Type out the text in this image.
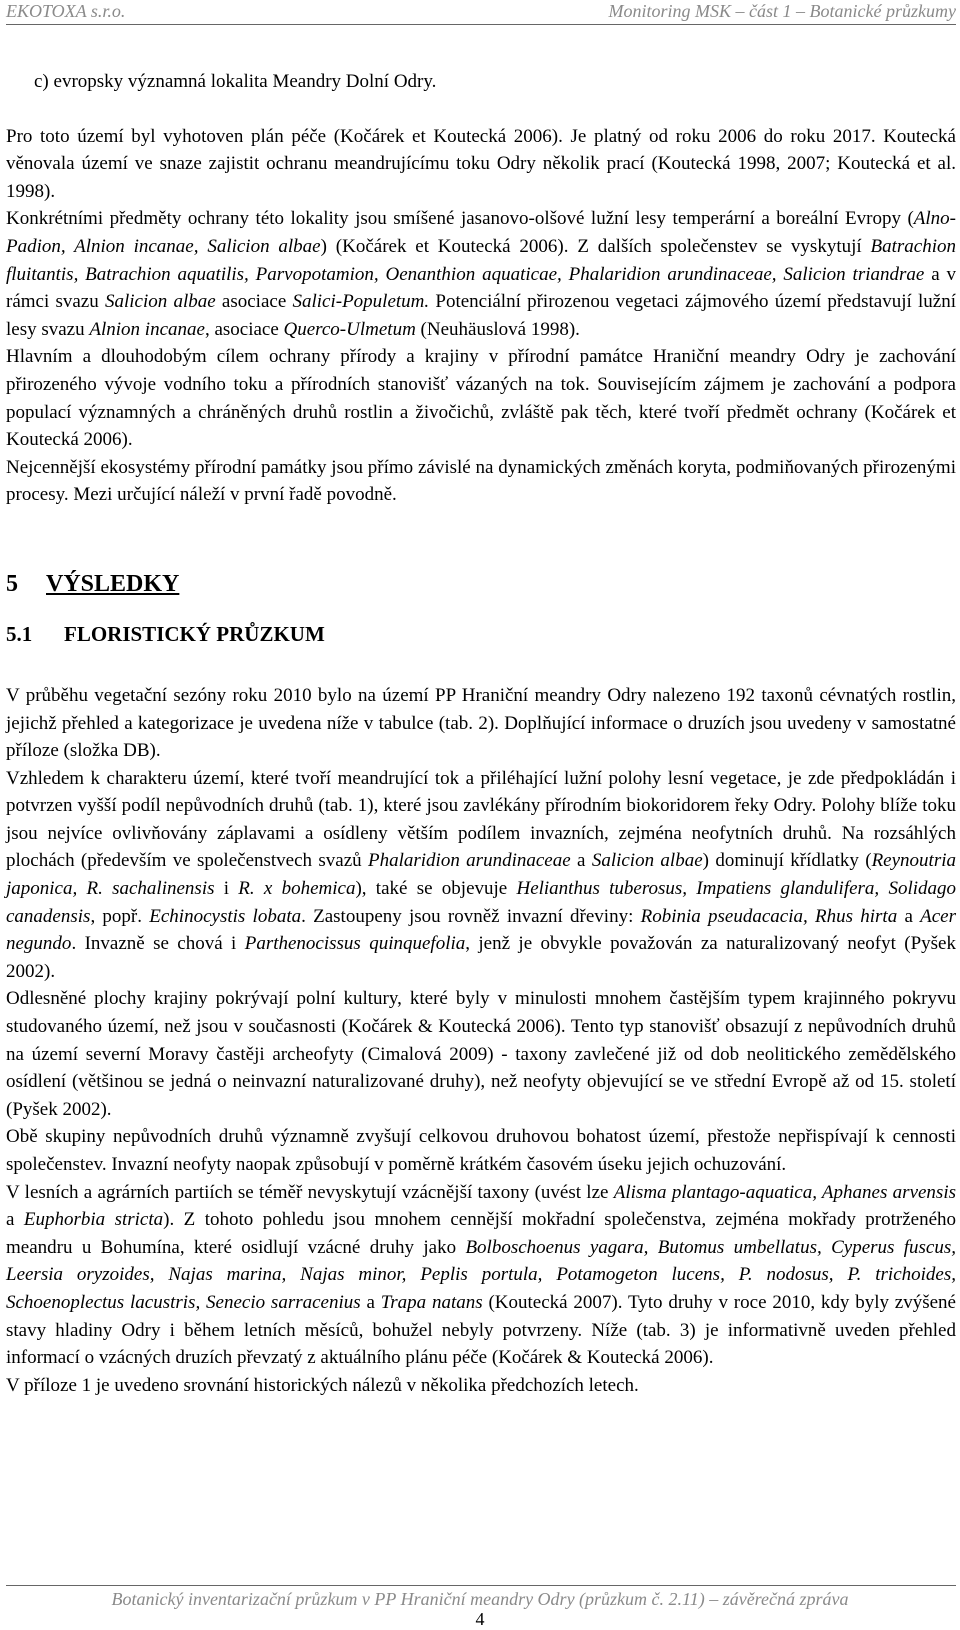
EKOTOXA s.r.o.	Monitoring MSK – část 1 – Botanické průzkumy

c) evropsky významná lokalita Meandry Dolní Odry.

Pro toto území byl vyhotoven plán péče (Kočárek et Koutecká 2006). Je platný od roku 2006 do roku 2017. Koutecká věnovala území ve snaze zajistit ochranu meandrujícímu toku Odry několik prací (Koutecká 1998, 2007; Koutecká et al. 1998).

Konkrétními předměty ochrany této lokality jsou smíšené jasanovo-olšové lužní lesy temperární a boreální Evropy (Alno-Padion, Alnion incanae, Salicion albae) (Kočárek et Koutecká 2006). Z dalších společenstev se vyskytují Batrachion fluitantis, Batrachion aquatilis, Parvopotamion, Oenanthion aquaticae, Phalaridion arundinaceae, Salicion triandrae a v rámci svazu Salicion albae asociace Salici-Populetum. Potenciální přirozenou vegetaci zájmového území představují lužní lesy svazu Alnion incanae, asociace Querco-Ulmetum (Neuhäuslová 1998).

Hlavním a dlouhodobým cílem ochrany přírody a krajiny v přírodní památce Hraniční meandry Odry je zachování přirozeného vývoje vodního toku a přírodních stanovišť vázaných na tok. Souvisejícím zájmem je zachování a podpora populací významných a chráněných druhů rostlin a živočichů, zvláště pak těch, které tvoří předmět ochrany (Kočárek et Koutecká 2006).

Nejcennější ekosystémy přírodní památky jsou přímo závislé na dynamických změnách koryta, podmiňovaných přirozenými procesy. Mezi určující náleží v první řadě povodně.

5 VÝSLEDKY
5.1 FLORISTICKÝ PRŮZKUM

V průběhu vegetační sezóny roku 2010 bylo na území PP Hraniční meandry Odry nalezeno 192 taxonů cévnatých rostlin, jejichž přehled a kategorizace je uvedena níže v tabulce (tab. 2). Doplňující informace o druzích jsou uvedeny v samostatné příloze (složka DB).

Vzhledem k charakteru území, které tvoří meandrující tok a přiléhající lužní polohy lesní vegetace, je zde předpokládán i potvrzen vyšší podíl nepůvodních druhů (tab. 1), které jsou zavlékány přírodním biokoridorem řeky Odry. Polohy blíže toku jsou nejvíce ovlivňovány záplavami a osídleny větším podílem invazních, zejména neofytních druhů. Na rozsáhlých plochách (především ve společenstvech svazů Phalaridion arundinaceae a Salicion albae) dominují křídlatky (Reynoutria japonica, R. sachalinensis i R. x bohemica), také se objevuje Helianthus tuberosus, Impatiens glandulifera, Solidago canadensis, popř. Echinocystis lobata. Zastoupeny jsou rovněž invazní dřeviny: Robinia pseudacacia, Rhus hirta a Acer negundo. Invazně se chová i Parthenocissus quinquefolia, jenž je obvykle považován za naturalizovaný neofyt (Pyšek 2002).

Odlesněné plochy krajiny pokrývají polní kultury, které byly v minulosti mnohem častějším typem krajinného pokryvu studovaného území, než jsou v současnosti (Kočárek & Koutecká 2006). Tento typ stanovišť obsazují z nepůvodních druhů na území severní Moravy častěji archeofyty (Cimalová 2009) - taxony zavlečené již od dob neolitického zemědělského osídlení (většinou se jedná o neinvazní naturalizované druhy), než neofyty objevující se ve střední Evropě až od 15. století (Pyšek 2002).

Obě skupiny nepůvodních druhů významně zvyšují celkovou druhovou bohatost území, přestože nepřispívají k cennosti společenstev. Invazní neofyty naopak způsobují v poměrně krátkém časovém úseku jejich ochuzování.

V lesních a agrárních partiích se téměř nevyskytují vzácnější taxony (uvést lze Alisma plantago-aquatica, Aphanes arvensis a Euphorbia stricta). Z tohoto pohledu jsou mnohem cennější mokřadní společenstva, zejména mokřady protrženého meandru u Bohumína, které osidlují vzácné druhy jako Bolboschoenus yagara, Butomus umbellatus, Cyperus fuscus, Leersia oryzoides, Najas marina, Najas minor, Peplis portula, Potamogeton lucens, P. nodosus, P. trichoides, Schoenoplectus lacustris, Senecio sarracenius a Trapa natans (Koutecká 2007). Tyto druhy v roce 2010, kdy byly zvýšené stavy hladiny Odry i během letních měsíců, bohužel nebyly potvrzeny. Níže (tab. 3) je informativně uveden přehled informací o vzácných druzích převzatý z aktuálního plánu péče (Kočárek & Koutecká 2006).

V příloze 1 je uvedeno srovnání historických nálezů v několika předchozích letech.

Botanický inventarizační průzkum v PP Hraniční meandry Odry (průzkum č. 2.11) – závěrečná zpráva
4
